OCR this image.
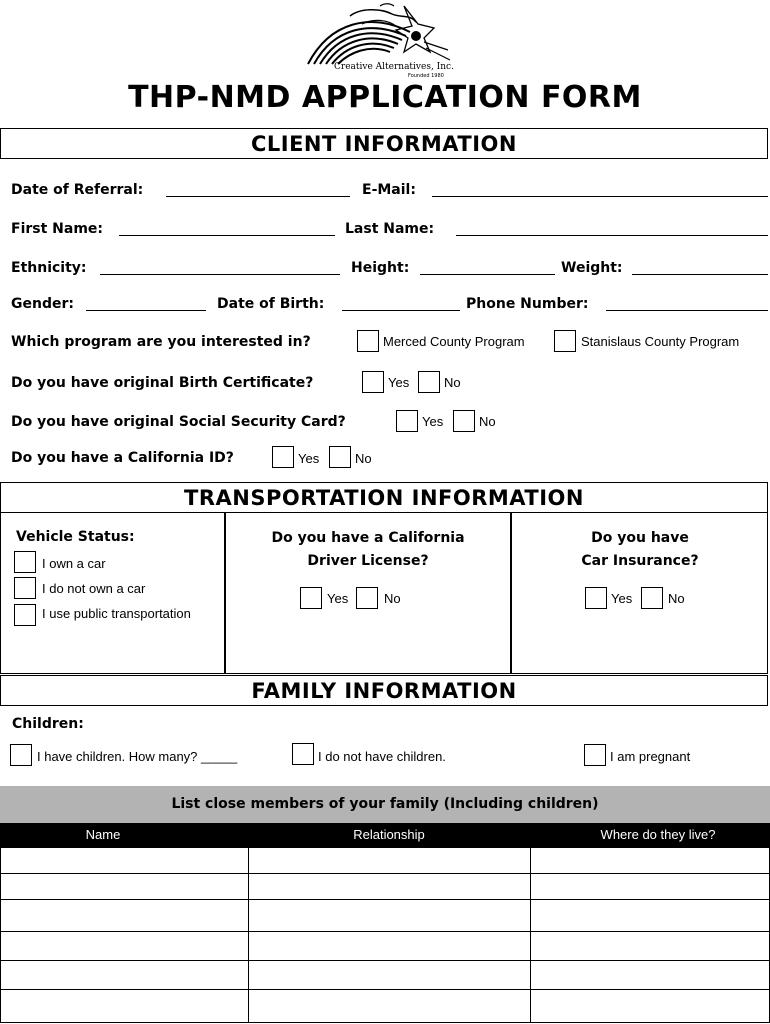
Creative Alternatives, Inc.
Founded 1980
THP-NMD APPLICATION FORM
CLIENT INFORMATION
Date of Referral:	E-Mail:
First Name:	Last Name:
Ethnicity:	Height:	Weight:
Gender:	Date of Birth:	Phone Number:
Which program are you interested in?	Merced County Program	Stanislaus County Program
Do you have original Birth Certificate?	Yes	No
Do you have original Social Security Card?	Yes	No
Do you have a California ID?	Yes	No
TRANSPORTATION INFORMATION
Vehicle Status:
I own a car
I do not own a car
I use public transportation
Do you have a California
Driver License?
Yes	No
Do you have
Car Insurance?
Yes	No
FAMILY INFORMATION
Children:
I have children. How many? _____	I do not have children.	I am pregnant
List close members of your family (Including children)
Name	Relationship	Where do they live?
